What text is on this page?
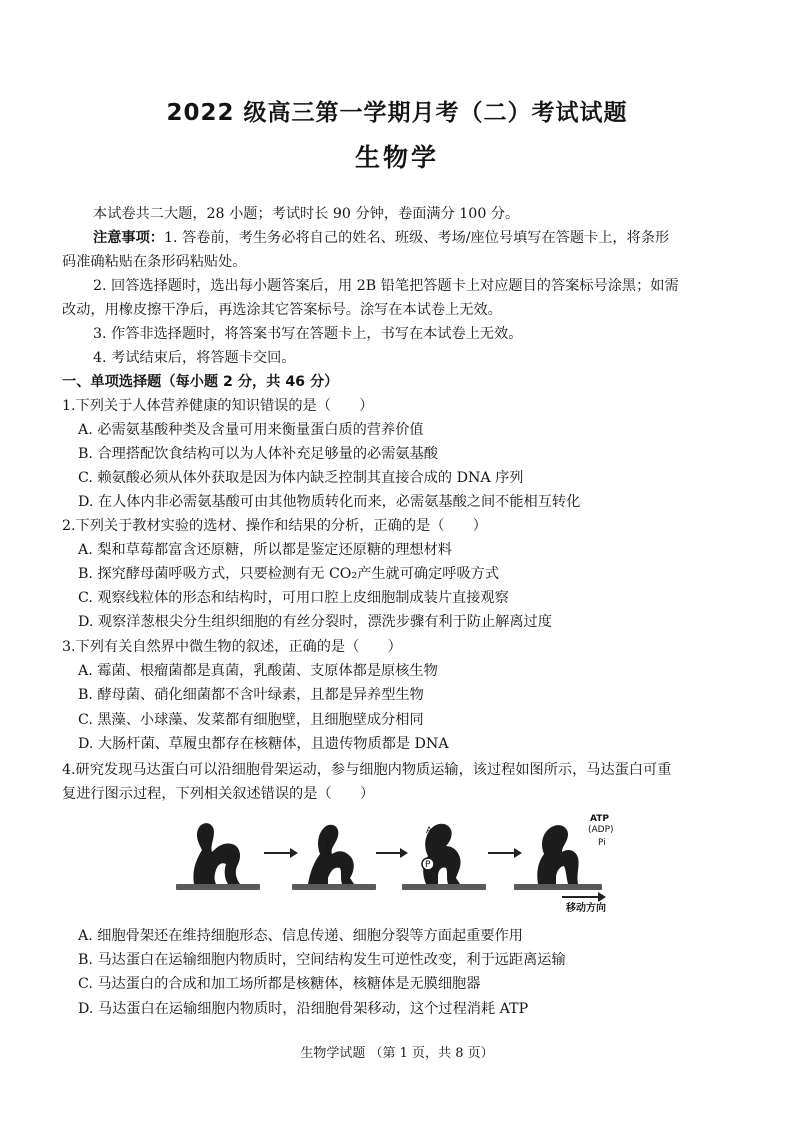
2022 级高三第一学期月考（二）考试试题
生物学
本试卷共二大题，28 小题；考试时长 90 分钟，卷面满分 100 分。
注意事项：1. 答卷前，考生务必将自己的姓名、班级、考场/座位号填写在答题卡上，将条形
码准确粘贴在条形码粘贴处。
2. 回答选择题时，选出每小题答案后，用 2B 铅笔把答题卡上对应题目的答案标号涂黑；如需
改动，用橡皮擦干净后，再选涂其它答案标号。涂写在本试卷上无效。
3. 作答非选择题时，将答案书写在答题卡上，书写在本试卷上无效。
4. 考试结束后，将答题卡交回。
一、单项选择题（每小题 2 分，共 46 分）
1.下列关于人体营养健康的知识错误的是（　　）
A. 必需氨基酸种类及含量可用来衡量蛋白质的营养价值
B. 合理搭配饮食结构可以为人体补充足够量的必需氨基酸
C. 赖氨酸必须从体外获取是因为体内缺乏控制其直接合成的 DNA 序列
D. 在人体内非必需氨基酸可由其他物质转化而来，必需氨基酸之间不能相互转化
2.下列关于教材实验的选材、操作和结果的分析，正确的是（　　）
A. 梨和草莓都富含还原糖，所以都是鉴定还原糖的理想材料
B. 探究酵母菌呼吸方式，只要检测有无 CO₂产生就可确定呼吸方式
C. 观察线粒体的形态和结构时，可用口腔上皮细胞制成装片直接观察
D. 观察洋葱根尖分生组织细胞的有丝分裂时，漂洗步骤有利于防止解离过度
3.下列有关自然界中微生物的叙述，正确的是（　　）
A. 霉菌、根瘤菌都是真菌，乳酸菌、支原体都是原核生物
B. 酵母菌、硝化细菌都不含叶绿素，且都是异养型生物
C. 黑藻、小球藻、发菜都有细胞壁，且细胞壁成分相同
D. 大肠杆菌、草履虫都存在核糖体，且遗传物质都是 DNA
4.研究发现马达蛋白可以沿细胞骨架运动，参与细胞内物质运输，该过程如图所示，马达蛋白可重
复进行图示过程，下列相关叙述错误的是（　　）
A
P
P
A
P
P
ATP
(ADP)
Pi
移动方向
A. 细胞骨架还在维持细胞形态、信息传递、细胞分裂等方面起重要作用
B. 马达蛋白在运输细胞内物质时，空间结构发生可逆性改变，利于远距离运输
C. 马达蛋白的合成和加工场所都是核糖体，核糖体是无膜细胞器
D. 马达蛋白在运输细胞内物质时，沿细胞骨架移动，这个过程消耗 ATP
生物学试题 （第 1 页，共 8 页）
